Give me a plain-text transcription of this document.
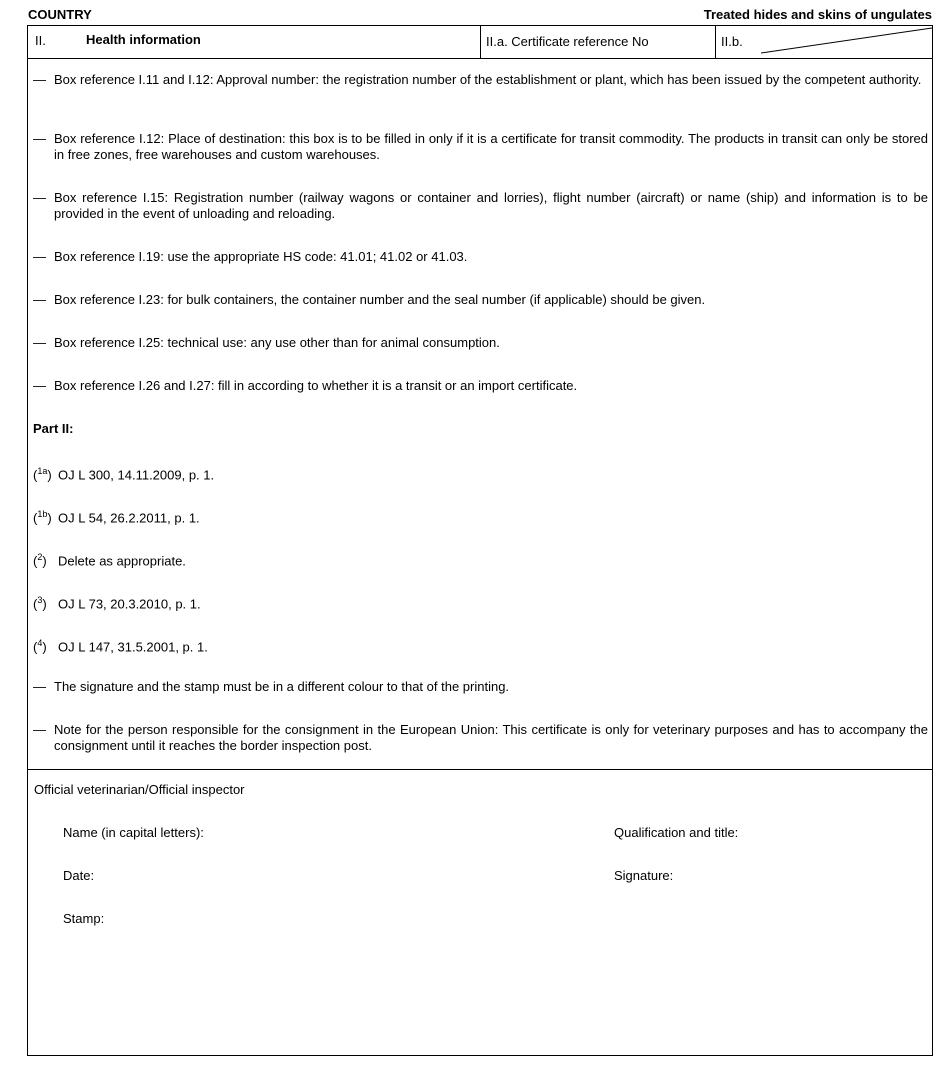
COUNTRY	Treated hides and skins of ungulates
II.	Health information	II.a. Certificate reference No	II.b.
— Box reference I.11 and I.12: Approval number: the registration number of the establishment or plant, which has been issued by the competent authority.
— Box reference I.12: Place of destination: this box is to be filled in only if it is a certificate for transit commodity. The products in transit can only be stored in free zones, free warehouses and custom warehouses.
— Box reference I.15: Registration number (railway wagons or container and lorries), flight number (aircraft) or name (ship) and information is to be provided in the event of unloading and reloading.
— Box reference I.19: use the appropriate HS code: 41.01; 41.02 or 41.03.
— Box reference I.23: for bulk containers, the container number and the seal number (if applicable) should be given.
— Box reference I.25: technical use: any use other than for animal consumption.
— Box reference I.26 and I.27: fill in according to whether it is a transit or an import certificate.
Part II:
($^{1a}$) OJ L 300, 14.11.2009, p. 1.
($^{1b}$) OJ L 54, 26.2.2011, p. 1.
($^2$) Delete as appropriate.
($^3$) OJ L 73, 20.3.2010, p. 1.
($^4$) OJ L 147, 31.5.2001, p. 1.
— The signature and the stamp must be in a different colour to that of the printing.
— Note for the person responsible for the consignment in the European Union: This certificate is only for veterinary purposes and has to accompany the consignment until it reaches the border inspection post.
Official veterinarian/Official inspector
Name (in capital letters):	Qualification and title:
Date:	Signature:
Stamp:
